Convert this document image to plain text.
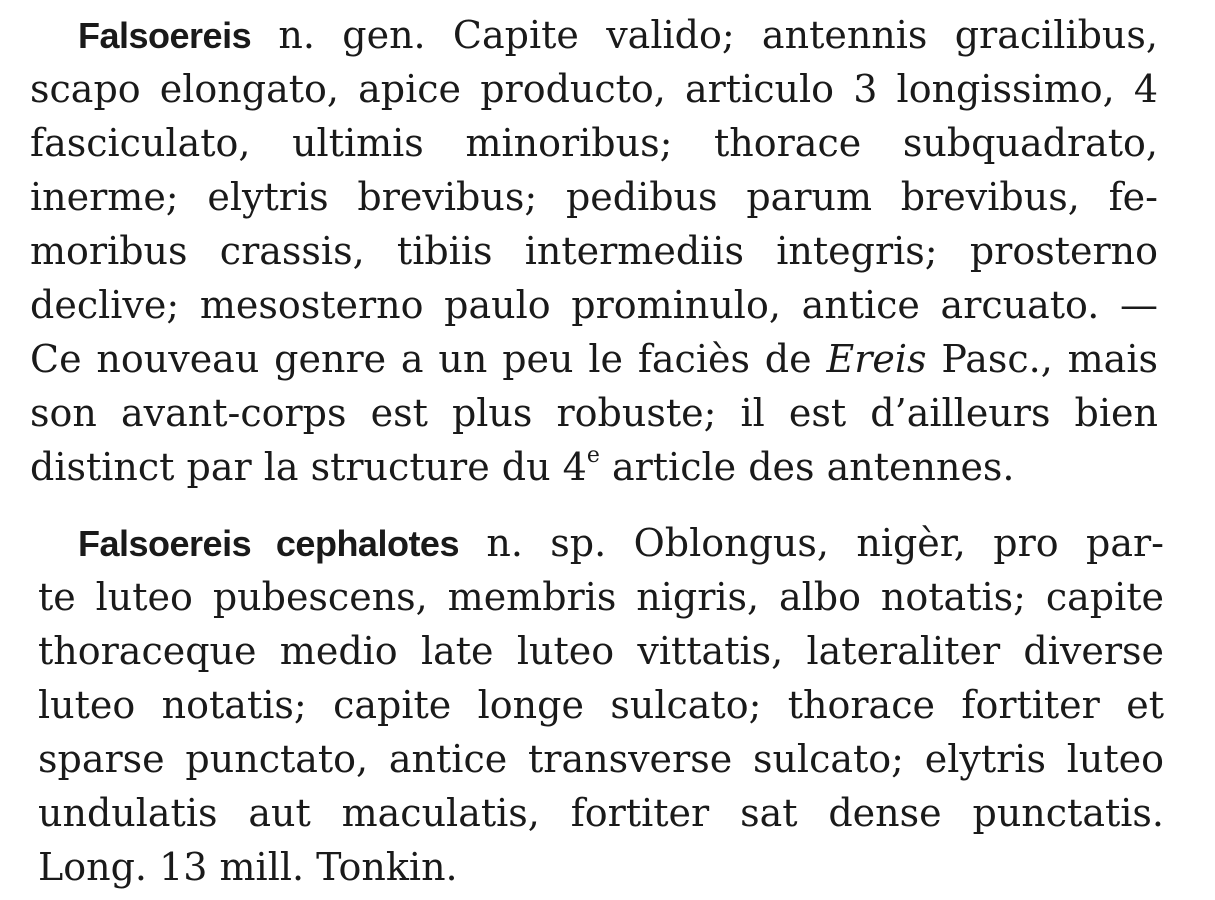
Falsoereis n. gen. Capite valido; antennis gracilibus,
scapo elongato, apice producto, articulo 3 longissimo, 4
fasciculato, ultimis minoribus; thorace subquadrato,
inerme; elytris brevibus; pedibus parum brevibus, fe-
moribus crassis, tibiis intermediis integris; prosterno
declive; mesosterno paulo prominulo, antice arcuato. —
Ce nouveau genre a un peu le faciès de Ereis Pasc., mais
son avant-corps est plus robuste; il est d’ailleurs bien
distinct par la structure du 4e article des antennes.
Falsoereis cephalotes n. sp. Oblongus, nigèr, pro par-
te luteo pubescens, membris nigris, albo notatis; capite
thoraceque medio late luteo vittatis, lateraliter diverse
luteo notatis; capite longe sulcato; thorace fortiter et
sparse punctato, antice transverse sulcato; elytris luteo
undulatis aut maculatis, fortiter sat dense punctatis.
Long. 13 mill. Tonkin.
